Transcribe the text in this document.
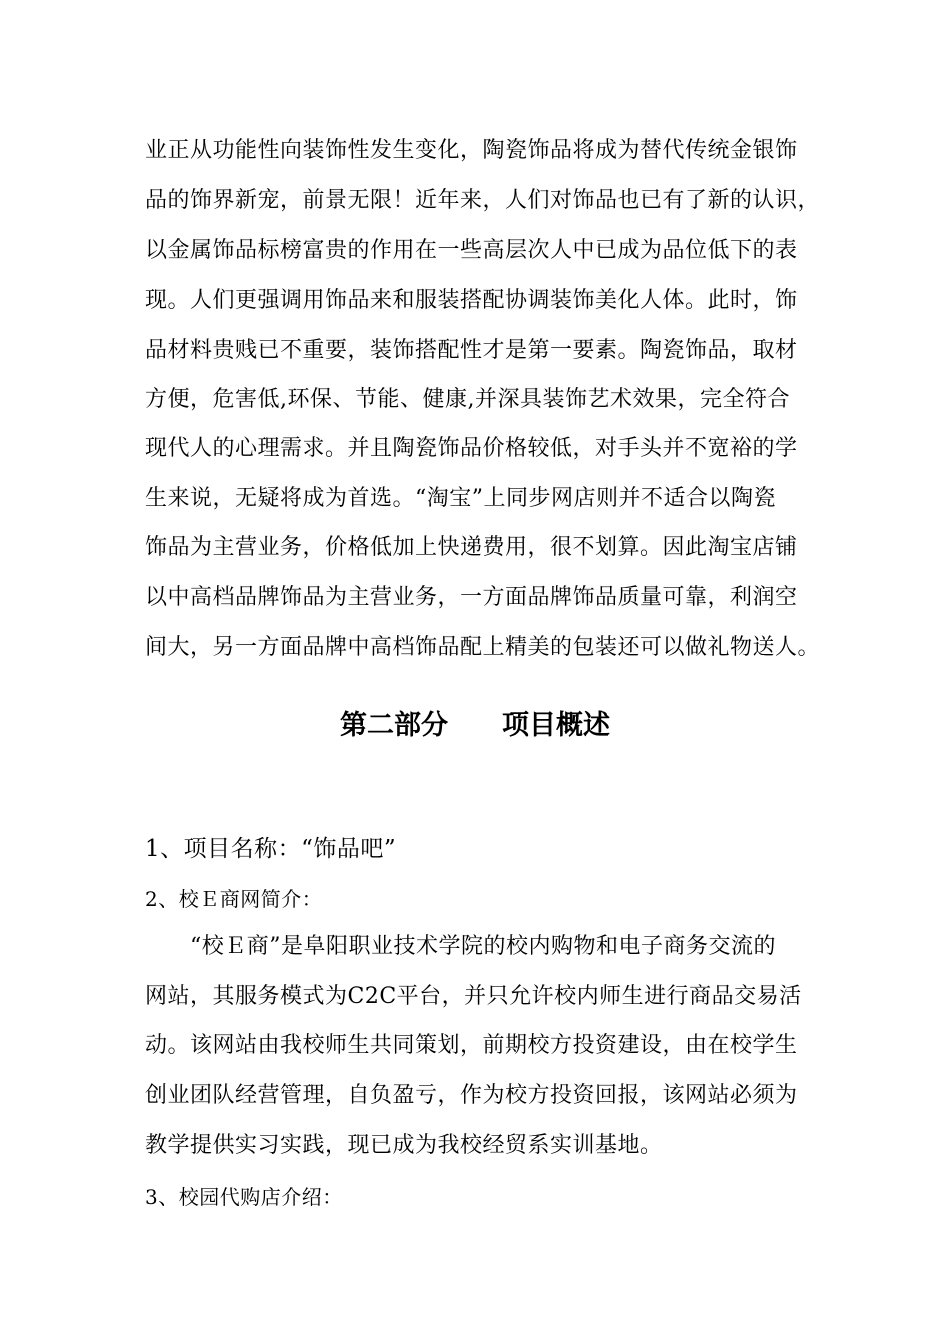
业正从功能性向装饰性发生变化，陶瓷饰品将成为替代传统金银饰
品的饰界新宠，前景无限！近年来，人们对饰品也已有了新的认识，
以金属饰品标榜富贵的作用在一些高层次人中已成为品位低下的表
现。人们更强调用饰品来和服装搭配协调装饰美化人体。此时，饰
品材料贵贱已不重要，装饰搭配性才是第一要素。陶瓷饰品，取材
方便，危害低,环保、节能、健康,并深具装饰艺术效果，完全符合
现代人的心理需求。并且陶瓷饰品价格较低，对手头并不宽裕的学
生来说，无疑将成为首选。“淘宝”上同步网店则并不适合以陶瓷
饰品为主营业务，价格低加上快递费用，很不划算。因此淘宝店铺
以中高档品牌饰品为主营业务，一方面品牌饰品质量可靠，利润空
间大，另一方面品牌中高档饰品配上精美的包装还可以做礼物送人。
第二部分　　项目概述
1、项目名称：“饰品吧”
2、校Ｅ商网简介：
　　“校Ｅ商”是阜阳职业技术学院的校内购物和电子商务交流的
网站，其服务模式为C2C平台，并只允许校内师生进行商品交易活
动。该网站由我校师生共同策划，前期校方投资建设，由在校学生
创业团队经营管理，自负盈亏，作为校方投资回报，该网站必须为
教学提供实习实践，现已成为我校经贸系实训基地。
3、校园代购店介绍：
